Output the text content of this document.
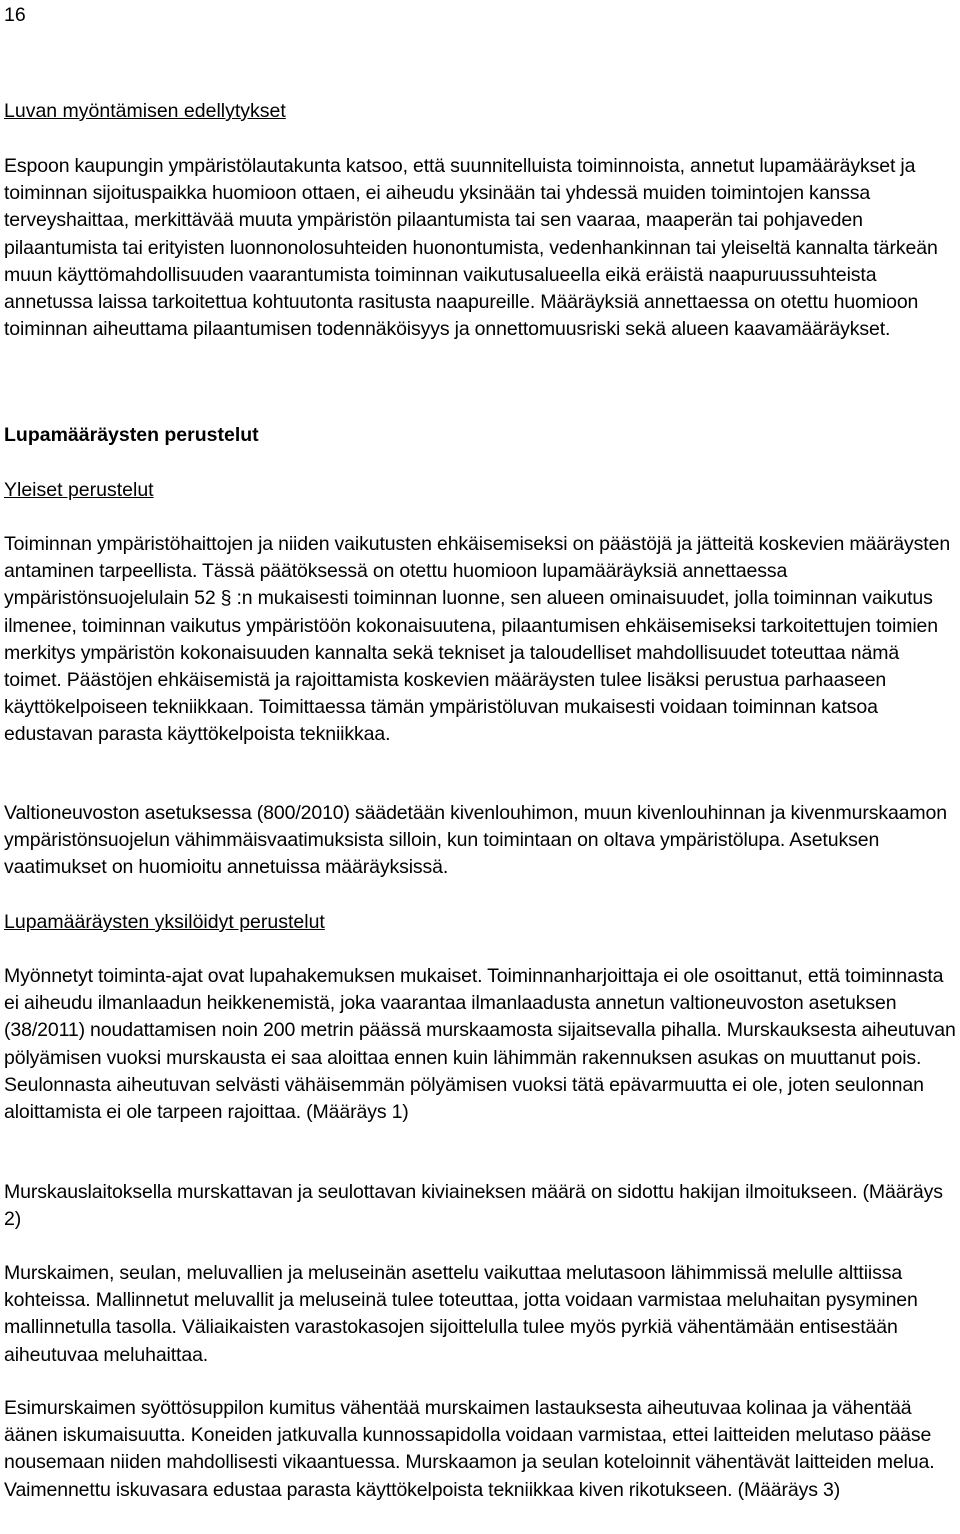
16
Luvan myöntämisen edellytykset

Espoon kaupungin ympäristölautakunta katsoo, että suunnitelluista toiminnoista, annetut lupamääräykset ja toiminnan sijoituspaikka huomioon ottaen, ei aiheudu yksinään tai yhdessä muiden toimintojen kanssa terveyshaittaa, merkittävää muuta ympäristön pilaantumista tai sen vaaraa, maaperän tai pohjaveden pilaantumista tai erityisten luonnonolosuhteiden huonontumista, vedenhankinnan tai yleiseltä kannalta tärkeän muun käyttömahdollisuuden vaarantumista toiminnan vaikutusalueella eikä eräistä naapuruussuhteista annetussa laissa tarkoitettua kohtuutonta rasitusta naapureille. Määräyksiä annettaessa on otettu huomioon toiminnan aiheuttama pilaantumisen todennäköisyys ja onnettomuusriski sekä alueen kaavamääräykset.

Lupamääräysten perustelut
Yleiset perustelut

Toiminnan ympäristöhaittojen ja niiden vaikutusten ehkäisemiseksi on päästöjä ja jätteitä koskevien määräysten antaminen tarpeellista. Tässä päätöksessä on otettu huomioon lupamääräyksiä annettaessa ympäristönsuojelulain 52 § :n mukaisesti toiminnan luonne, sen alueen ominaisuudet, jolla toiminnan vaikutus ilmenee, toiminnan vaikutus ympäristöön kokonaisuutena, pilaantumisen ehkäisemiseksi tarkoitettujen toimien merkitys ympäristön kokonaisuuden kannalta sekä tekniset ja taloudelliset mahdollisuudet toteuttaa nämä toimet. Päästöjen ehkäisemistä ja rajoittamista koskevien määräysten tulee lisäksi perustua parhaaseen käyttökelpoiseen tekniikkaan. Toimittaessa tämän ympäristöluvan mukaisesti voidaan toiminnan katsoa edustavan parasta käyttökelpoista tekniikkaa.

Valtioneuvoston asetuksessa (800/2010) säädetään kivenlouhimon, muun kivenlouhinnan ja kivenmurskaamon ympäristönsuojelun vähimmäisvaatimuksista silloin, kun toimintaan on oltava ympäristölupa. Asetuksen vaatimukset on huomioitu annetuissa määräyksissä.

Lupamääräysten yksilöidyt perustelut

Myönnetyt toiminta-ajat ovat lupahakemuksen mukaiset. Toiminnanharjoittaja ei ole osoittanut, että toiminnasta ei aiheudu ilmanlaadun heikkenemistä, joka vaarantaa ilmanlaadusta annetun valtioneuvoston asetuksen (38/2011) noudattamisen noin 200 metrin päässä murskaamosta sijaitsevalla pihalla. Murskauksesta aiheutuvan pölyämisen vuoksi murskausta ei saa aloittaa ennen kuin lähimmän rakennuksen asukas on muuttanut pois. Seulonnasta aiheutuvan selvästi vähäisemmän pölyämisen vuoksi tätä epävarmuutta ei ole, joten seulonnan aloittamista ei ole tarpeen rajoittaa. (Määräys 1)

Murskauslaitoksella murskattavan ja seulottavan kiviaineksen määrä on sidottu hakijan ilmoitukseen. (Määräys 2)

Murskaimen, seulan, meluvallien ja meluseinän asettelu vaikuttaa melutasoon lähimmissä melulle alttiissa kohteissa. Mallinnetut meluvallit ja meluseinä tulee toteuttaa, jotta voidaan varmistaa meluhaitan pysyminen mallinnetulla tasolla. Väliaikaisten varastokasojen sijoittelulla tulee myös pyrkiä vähentämään entisestään aiheutuvaa meluhaittaa.

Esimurskaimen syöttösuppilon kumitus vähentää murskaimen lastauksesta aiheutuvaa kolinaa ja vähentää äänen iskumaisuutta. Koneiden jatkuvalla kunnossapidolla voidaan varmistaa, ettei laitteiden melutaso pääse nousemaan niiden mahdollisesti vikaantuessa. Murskaamon ja seulan koteloinnit vähentävät laitteiden melua. Vaimennettu iskuvasara edustaa parasta käyttökelpoista tekniikkaa kiven rikotukseen. (Määräys 3)
